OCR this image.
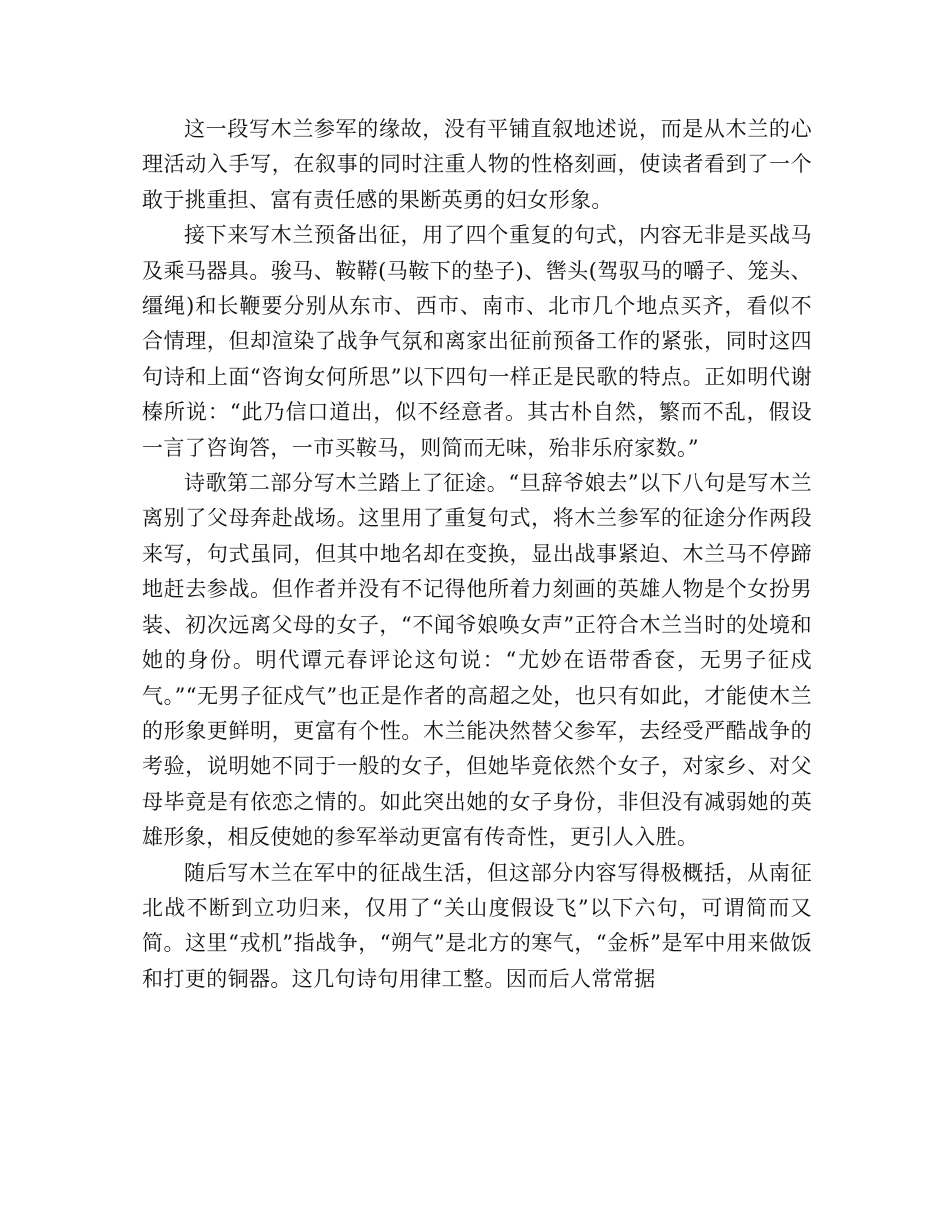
这一段写木兰参军的缘故，没有平铺直叙地述说，而是从木兰的心理活动入手写，在叙事的同时注重人物的性格刻画，使读者看到了一个敢于挑重担、富有责任感的果断英勇的妇女形象。

接下来写木兰预备出征，用了四个重复的句式，内容无非是买战马及乘马器具。骏马、鞍鞯(马鞍下的垫子)、辔头(驾驭马的嚼子、笼头、缰绳)和长鞭要分别从东市、西市、南市、北市几个地点买齐，看似不合情理，但却渲染了战争气氛和离家出征前预备工作的紧张，同时这四句诗和上面“咨询女何所思”以下四句一样正是民歌的特点。正如明代谢榛所说：“此乃信口道出，似不经意者。其古朴自然，繁而不乱，假设一言了咨询答，一市买鞍马，则简而无味，殆非乐府家数。”

诗歌第二部分写木兰踏上了征途。“旦辞爷娘去”以下八句是写木兰离别了父母奔赴战场。这里用了重复句式，将木兰参军的征途分作两段来写，句式虽同，但其中地名却在变换，显出战事紧迫、木兰马不停蹄地赶去参战。但作者并没有不记得他所着力刻画的英雄人物是个女扮男装、初次远离父母的女子，“不闻爷娘唤女声”正符合木兰当时的处境和她的身份。明代谭元春评论这句说：“尤妙在语带香奁，无男子征戍气。”“无男子征戍气”也正是作者的高超之处，也只有如此，才能使木兰的形象更鲜明，更富有个性。木兰能决然替父参军，去经受严酷战争的考验，说明她不同于一般的女子，但她毕竟依然个女子，对家乡、对父母毕竟是有依恋之情的。如此突出她的女子身份，非但没有减弱她的英雄形象，相反使她的参军举动更富有传奇性，更引人入胜。

随后写木兰在军中的征战生活，但这部分内容写得极概括，从南征北战不断到立功归来，仅用了“关山度假设飞”以下六句，可谓简而又简。这里“戎机”指战争，“朔气”是北方的寒气，“金柝”是军中用来做饭和打更的铜器。这几句诗句用律工整。因而后人常常据
